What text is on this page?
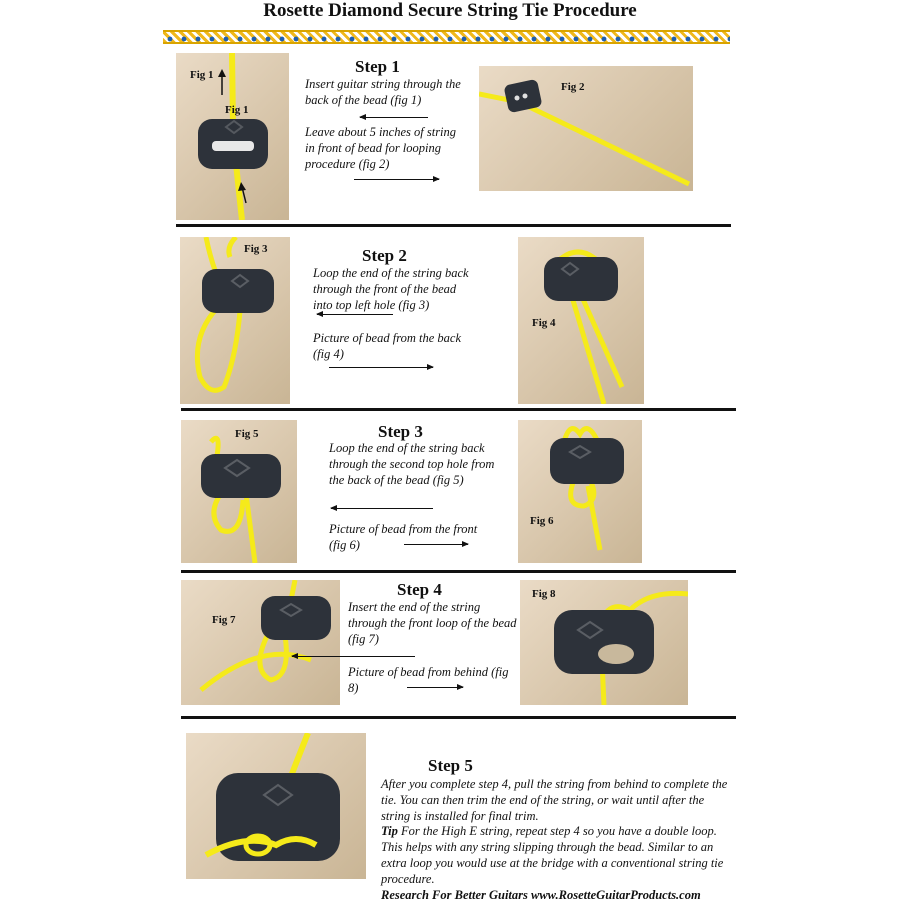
Rosette Diamond Secure String Tie Procedure
Fig 1
Fig 1
Step 1
Insert guitar string through the back of the bead (fig 1)
Leave about 5 inches of string in front of bead for looping procedure (fig 2)
Fig 2
Fig 3	Step 2
Loop the end of the string back through the front of the bead into top left hole (fig 3)
Picture of bead from the back (fig 4)
Fig 4
Fig 5	Step 3
Loop the end of the string back through the second top hole from the back of the bead (fig 5)
Picture of bead from the front (fig 6)
Fig 6
Fig 7
Step 4
Insert the end of the string through the front loop of the bead (fig 7)
Picture of bead from behind (fig 8)
Fig 8
Step 5
After you complete step 4, pull the string from behind to complete the tie. You can then trim the end of the string, or wait until after the string is installed for final trim.
Tip For the High E string, repeat step 4 so you have a double loop. This helps with any string slipping through the bead. Similar to an extra loop you would use at the bridge with a conventional string tie procedure.
Research For Better Guitars www.RosetteGuitarProducts.com
